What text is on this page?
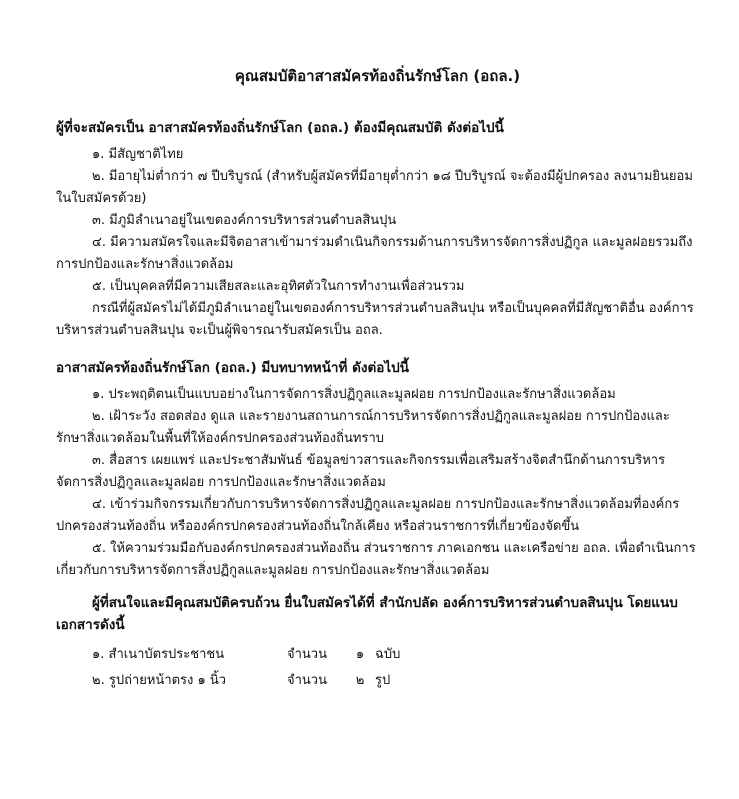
คุณสมบัติอาสาสมัครท้องถิ่นรักษ์โลก (อถล.)
ผู้ที่จะสมัครเป็น อาสาสมัครท้องถิ่นรักษ์โลก (อถล.) ต้องมีคุณสมบัติ ดังต่อไปนี้

๑. มีสัญชาติไทย

๒. มีอายุไม่ต่ำกว่า ๗ ปีบริบูรณ์ (สำหรับผู้สมัครที่มีอายุต่ำกว่า ๑๘ ปีบริบูรณ์ จะต้องมีผู้ปกครอง ลงนามยินยอมในใบสมัครด้วย)

๓. มีภูมิลำเนาอยู่ในเขตองค์การบริหารส่วนตำบลสินปุน

๔. มีความสมัครใจและมีจิตอาสาเข้ามาร่วมดำเนินกิจกรรมด้านการบริหารจัดการสิ่งปฏิกูล และมูลฝอยรวมถึงการปกป้องและรักษาสิ่งแวดล้อม

๕. เป็นบุคคลที่มีความเสียสละและอุทิศตัวในการทำงานเพื่อส่วนรวม

กรณีที่ผู้สมัครไม่ได้มีภูมิลำเนาอยู่ในเขตองค์การบริหารส่วนตำบลสินปุน หรือเป็นบุคคลที่มีสัญชาติอื่น องค์การบริหารส่วนตำบลสินปุน จะเป็นผู้พิจารณารับสมัครเป็น อถล.

อาสาสมัครท้องถิ่นรักษ์โลก (อถล.) มีบทบาทหน้าที่ ดังต่อไปนี้

๑. ประพฤติตนเป็นแบบอย่างในการจัดการสิ่งปฏิกูลและมูลฝอย การปกป้องและรักษาสิ่งแวดล้อม

๒. เฝ้าระวัง สอดส่อง ดูแล และรายงานสถานการณ์การบริหารจัดการสิ่งปฏิกูลและมูลฝอย การปกป้องและรักษาสิ่งแวดล้อมในพื้นที่ให้องค์กรปกครองส่วนท้องถิ่นทราบ

๓. สื่อสาร เผยแพร่ และประชาสัมพันธ์ ข้อมูลข่าวสารและกิจกรรมเพื่อเสริมสร้างจิตสำนึกด้านการบริหารจัดการสิ่งปฏิกูลและมูลฝอย การปกป้องและรักษาสิ่งแวดล้อม

๔. เข้าร่วมกิจกรรมเกี่ยวกับการบริหารจัดการสิ่งปฏิกูลและมูลฝอย การปกป้องและรักษาสิ่งแวดล้อมที่องค์กรปกครองส่วนท้องถิ่น หรือองค์กรปกครองส่วนท้องถิ่นใกล้เคียง หรือส่วนราชการที่เกี่ยวข้องจัดขึ้น

๕. ให้ความร่วมมือกับองค์กรปกครองส่วนท้องถิ่น ส่วนราชการ ภาคเอกชน และเครือข่าย อถล. เพื่อดำเนินการเกี่ยวกับการบริหารจัดการสิ่งปฏิกูลและมูลฝอย การปกป้องและรักษาสิ่งแวดล้อม

ผู้ที่สนใจและมีคุณสมบัติครบถ้วน ยื่นใบสมัครได้ที่ สำนักปลัด องค์การบริหารส่วนตำบลสินปุน โดยแนบเอกสารดังนี้
๑. สำเนาบัตรประชาชน	จำนวน	๑ ฉบับ
๒. รูปถ่ายหน้าตรง ๑ นิ้ว	จำนวน	๒ รูป
